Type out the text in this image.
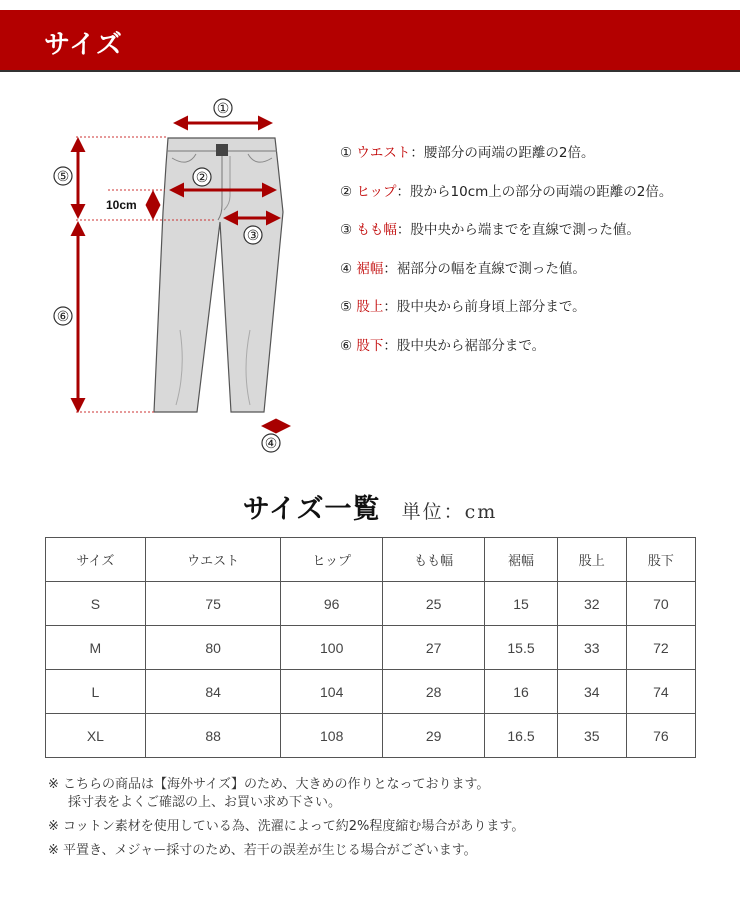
サイズ
①
②
③
④
⑤
⑥
10cm
① ウエスト：腰部分の両端の距離の2倍。
② ヒップ：股から10cm上の部分の両端の距離の2倍。
③ もも幅：股中央から端までを直線で測った値。
④ 裾幅：裾部分の幅を直線で測った値。
⑤ 股上：股中央から前身頃上部分まで。
⑥ 股下：股中央から裾部分まで。
サイズ一覧 単位：cm
サイズ	ウエスト	ヒップ	もも幅	裾幅	股上	股下
S	75	96	25	15	32	70
M	80	100	27	15.5	33	72
L	84	104	28	16	34	74
XL	88	108	29	16.5	35	76
※ こちらの商品は【海外サイズ】のため、大きめの作りとなっております。
採寸表をよくご確認の上、お買い求め下さい。
※ コットン素材を使用している為、洗濯によって約2%程度縮む場合があります。
※ 平置き、メジャー採寸のため、若干の誤差が生じる場合がございます。
